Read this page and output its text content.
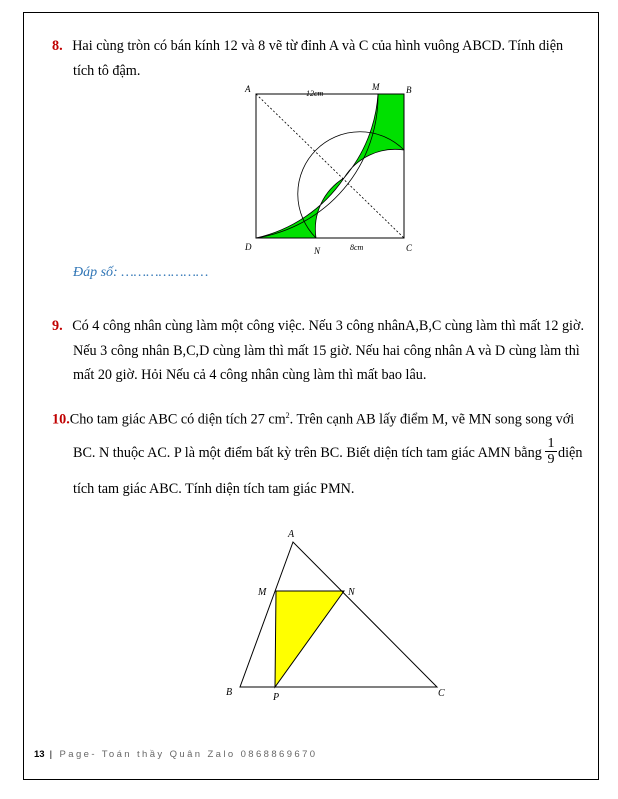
8. Hai cùng tròn có bán kính 12 và 8 vẽ từ đỉnh A và C của hình vuông ABCD. Tính diện
tích tô đậm.
A	B
M
D	N	C
12cm
8cm
Đáp số: …………………
9. Có 4 công nhân cùng làm một công việc. Nếu 3 công nhânA,B,C cùng làm thì mất 12 giờ.
Nếu 3 công nhân B,C,D cùng làm thì mất 15 giờ. Nếu hai công nhân A và D cùng làm thì
mất 20 giờ. Hỏi Nếu cả 4 công nhân cùng làm thì mất bao lâu.
10.Cho tam giác ABC có diện tích 27 $cm^2$. Trên cạnh AB lấy điểm M, vẽ MN song song với
BC. N thuộc AC. P là một điểm bất kỳ trên BC. Biết diện tích tam giác AMN bằng $\frac{1}{9}$ diện
tích tam giác ABC. Tính diện tích tam giác PMN.
A
M	N
B	P	C
13 | Page- Toán thầy Quân Zalo 0868869670
